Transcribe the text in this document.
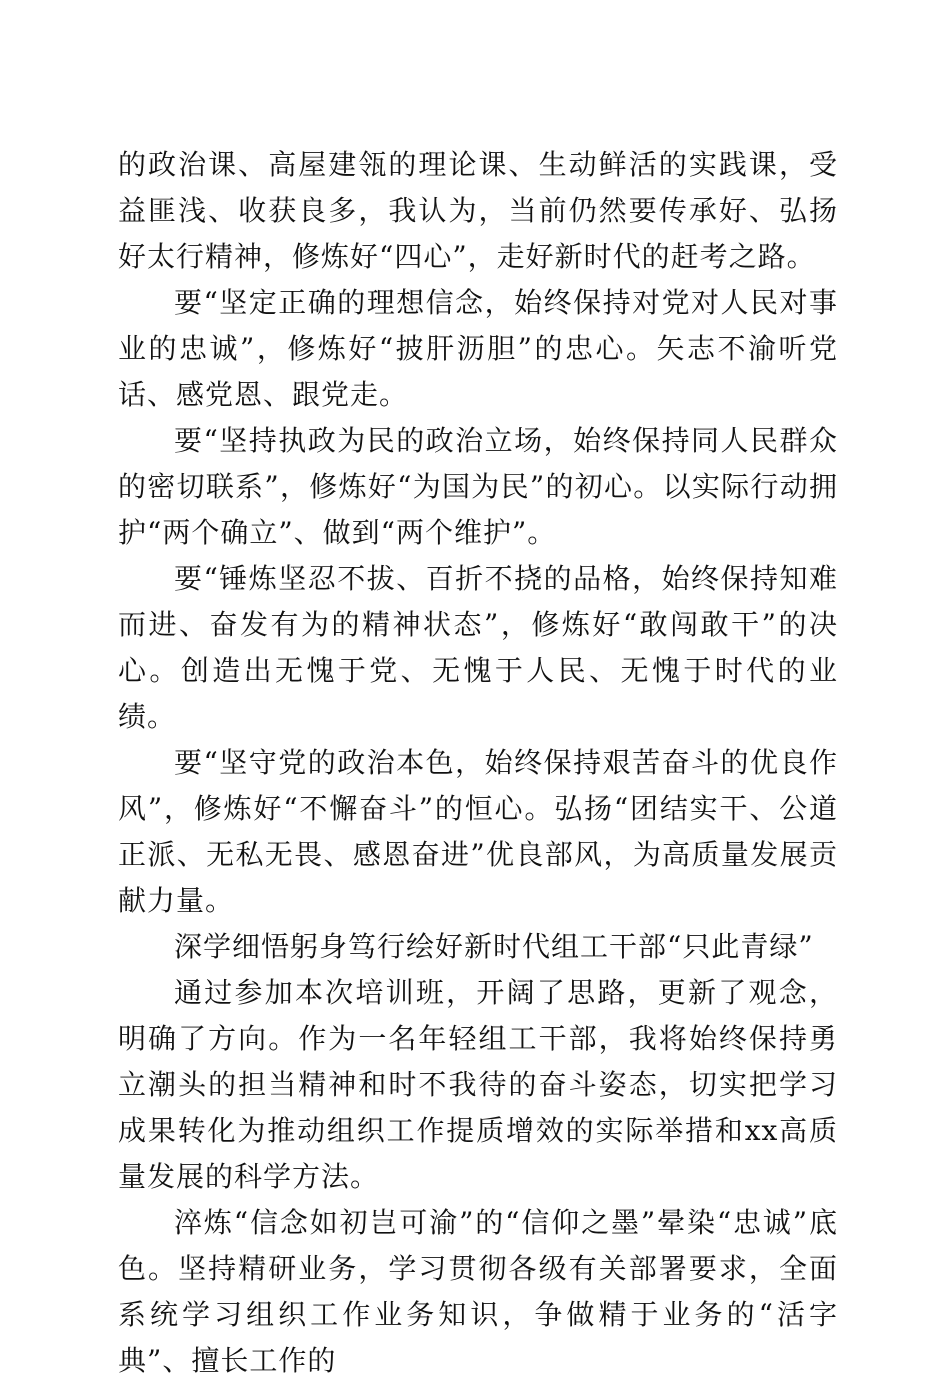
的政治课、高屋建瓴的理论课、生动鲜活的实践课，受益匪浅、收获良多，我认为，当前仍然要传承好、弘扬好太行精神，修炼好“四心”，走好新时代的赶考之路。

要“坚定正确的理想信念，始终保持对党对人民对事业的忠诚”，修炼好“披肝沥胆”的忠心。矢志不渝听党话、感党恩、跟党走。

要“坚持执政为民的政治立场，始终保持同人民群众的密切联系”，修炼好“为国为民”的初心。以实际行动拥护“两个确立”、做到“两个维护”。

要“锤炼坚忍不拔、百折不挠的品格，始终保持知难而进、奋发有为的精神状态”，修炼好“敢闯敢干”的决心。创造出无愧于党、无愧于人民、无愧于时代的业绩。

要“坚守党的政治本色，始终保持艰苦奋斗的优良作风”，修炼好“不懈奋斗”的恒心。弘扬“团结实干、公道正派、无私无畏、感恩奋进”优良部风，为高质量发展贡献力量。

深学细悟躬身笃行绘好新时代组工干部“只此青绿”

通过参加本次培训班，开阔了思路，更新了观念，明确了方向。作为一名年轻组工干部，我将始终保持勇立潮头的担当精神和时不我待的奋斗姿态，切实把学习成果转化为推动组织工作提质增效的实际举措和xx高质量发展的科学方法。

淬炼“信念如初岂可渝”的“信仰之墨”晕染“忠诚”底色。坚持精研业务，学习贯彻各级有关部署要求，全面系统学习组织工作业务知识，争做精于业务的“活字典”、擅长工作的
